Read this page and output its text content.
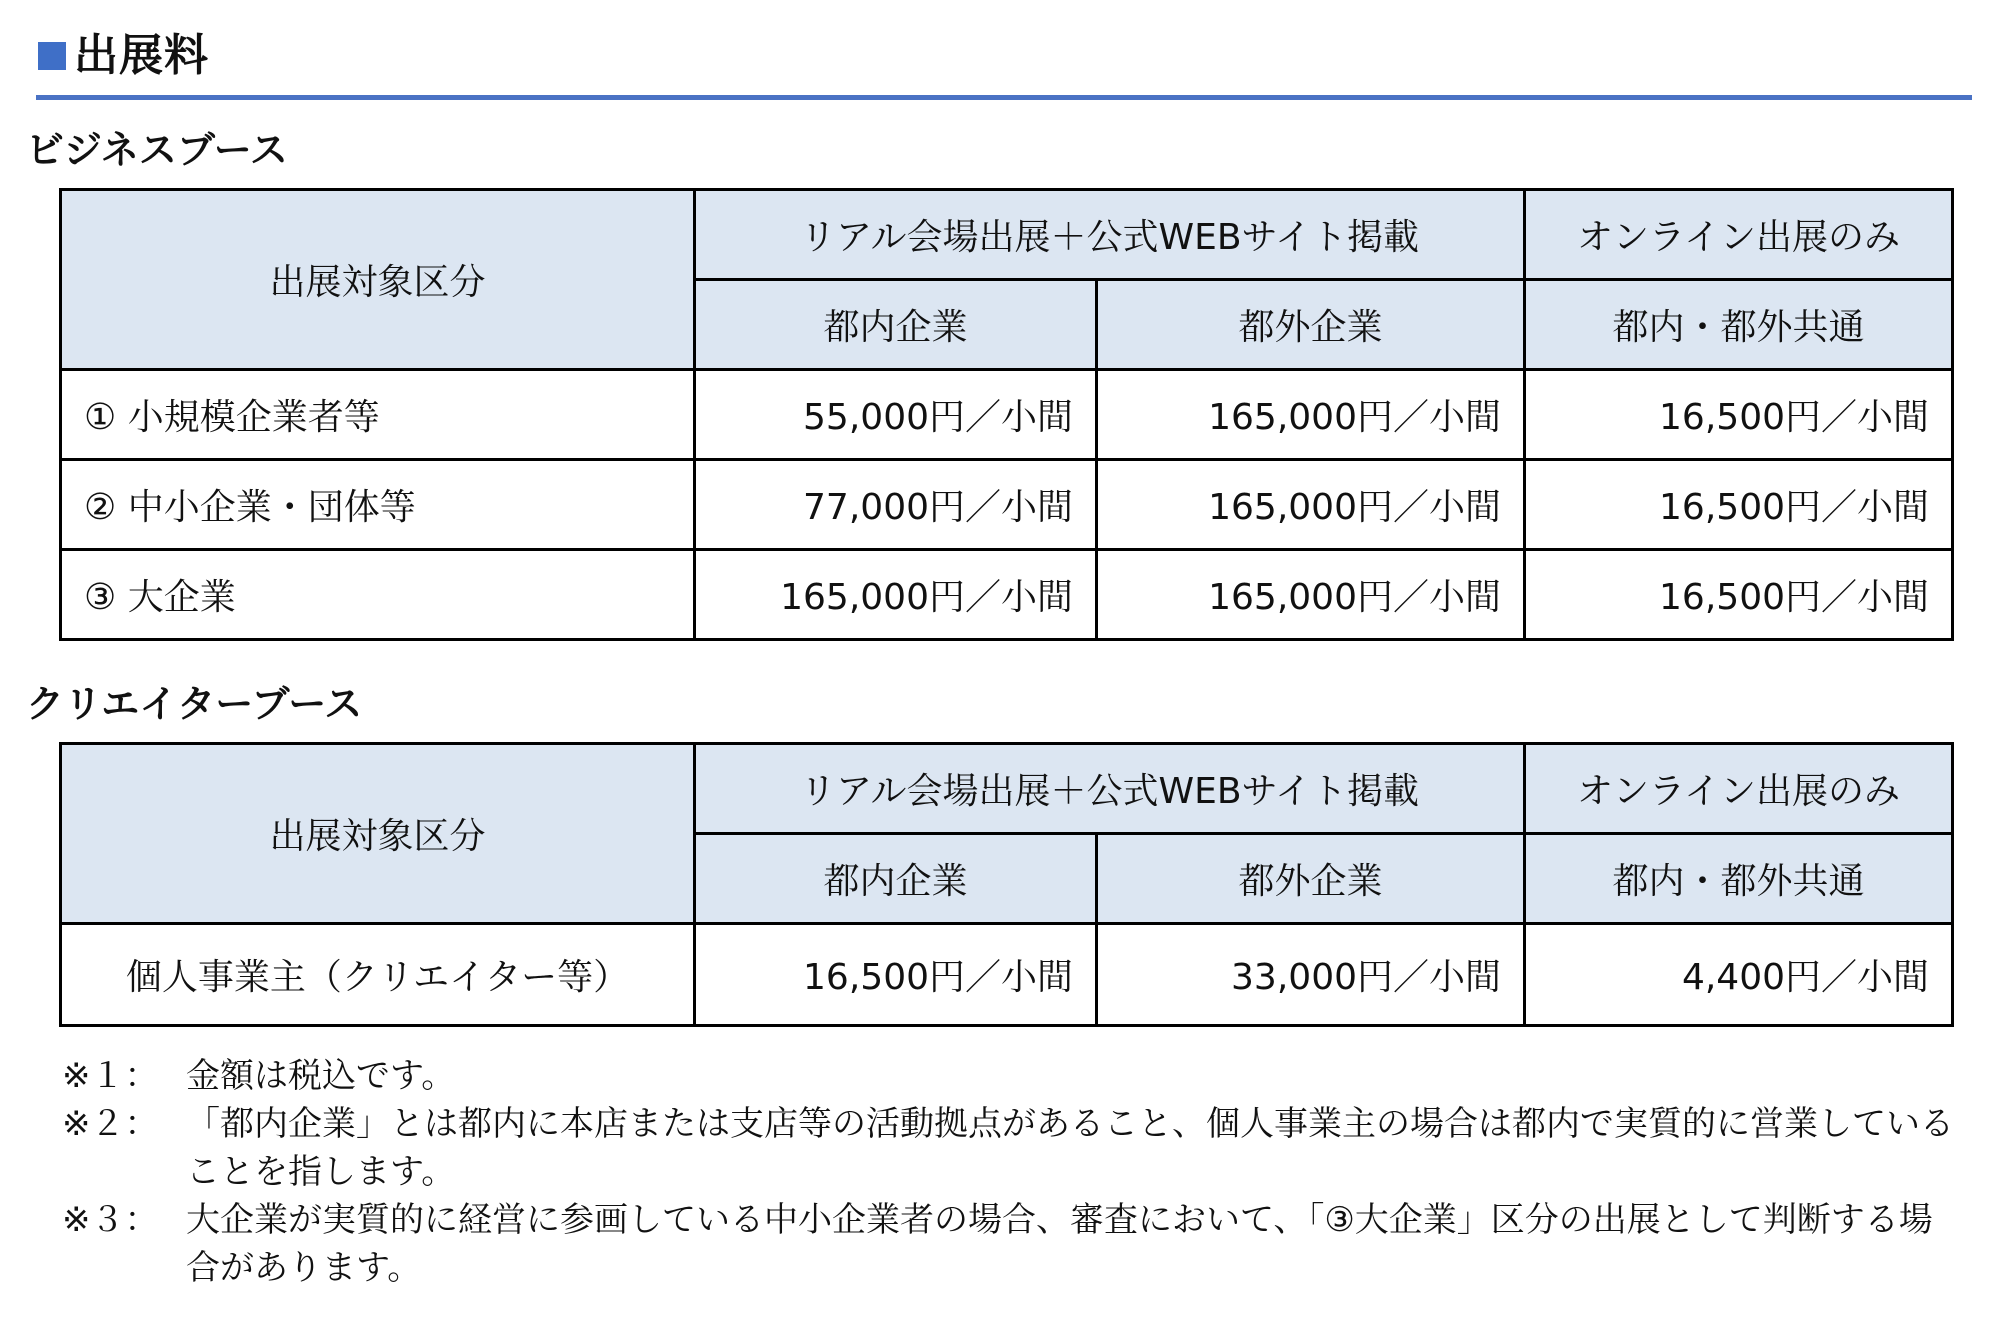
出展料
ビジネスブース
出展対象区分	リアル会場出展＋公式WEBサイト掲載		オンライン出展のみ
	都内企業	都外企業	都内・都外共通
① 小規模企業者等	55,000円／小間	165,000円／小間	16,500円／小間
② 中小企業・団体等	77,000円／小間	165,000円／小間	16,500円／小間
③ 大企業	165,000円／小間	165,000円／小間	16,500円／小間
クリエイターブース
出展対象区分	リアル会場出展＋公式WEBサイト掲載		オンライン出展のみ
	都内企業	都外企業	都内・都外共通
個人事業主（クリエイター等）	16,500円／小間	33,000円／小間	4,400円／小間
※１： 金額は税込です。
※２： 「都内企業」とは都内に本店または支店等の活動拠点があること、個人事業主の場合は都内で実質的に営業していることを指します。
※３： 大企業が実質的に経営に参画している中小企業者の場合、審査において、「③大企業」区分の出展として判断する場合があります。
